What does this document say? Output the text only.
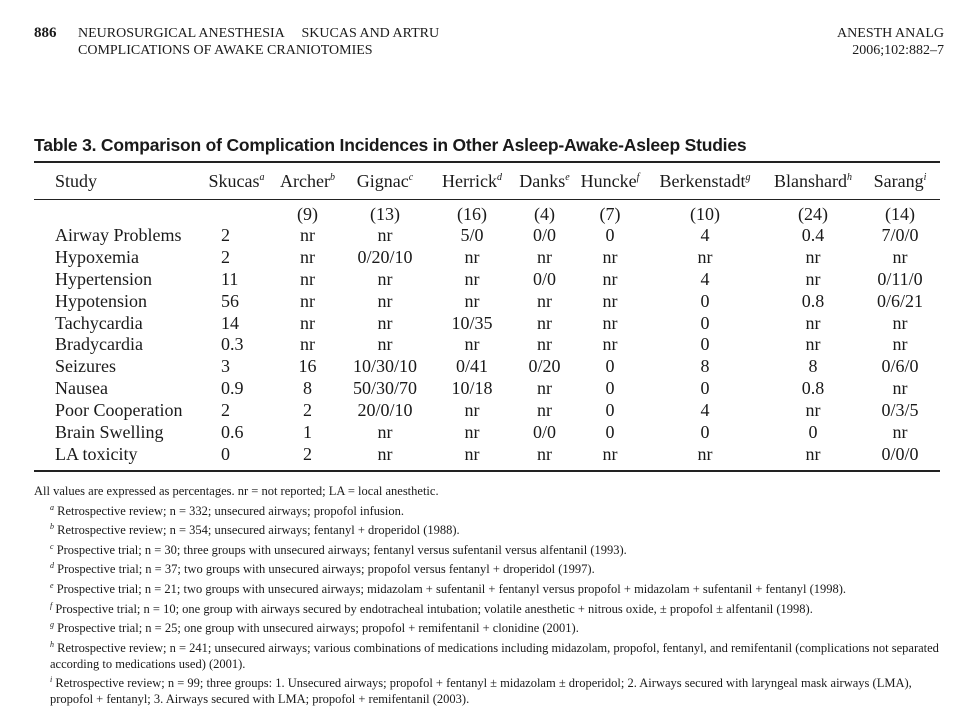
886 NEUROSURGICAL ANESTHESIA     SKUCAS AND ARTRU
COMPLICATIONS OF AWAKE CRANIOTOMIES
ANESTH ANALG
2006;102:882–7
Table 3. Comparison of Complication Incidences in Other Asleep-Awake-Asleep Studies
Study	Skucas$^a$	Archer$^b$	Gignac$^c$	Herrick$^d$	Danks$^e$	Huncke$^f$	Berkenstadt$^g$	Blanshard$^h$	Sarang$^i$
		(9)	(13)	(16)	(4)	(7)	(10)	(24)	(14)
Airway Problems	2	nr	nr	5/0	0/0	0	4	0.4	7/0/0
Hypoxemia	2	nr	0/20/10	nr	nr	nr	nr	nr	nr
Hypertension	11	nr	nr	nr	0/0	nr	4	nr	0/11/0
Hypotension	56	nr	nr	nr	nr	nr	0	0.8	0/6/21
Tachycardia	14	nr	nr	10/35	nr	nr	0	nr	nr
Bradycardia	0.3	nr	nr	nr	nr	nr	0	nr	nr
Seizures	3	16	10/30/10	0/41	0/20	0	8	8	0/6/0
Nausea	0.9	8	50/30/70	10/18	nr	0	0	0.8	nr
Poor Cooperation	2	2	20/0/10	nr	nr	0	4	nr	0/3/5
Brain Swelling	0.6	1	nr	nr	0/0	0	0	0	nr
LA toxicity	0	2	nr	nr	nr	nr	nr	nr	0/0/0
All values are expressed as percentages. nr = not reported; LA = local anesthetic.
$^a$ Retrospective review; n = 332; unsecured airways; propofol infusion.
$^b$ Retrospective review; n = 354; unsecured airways; fentanyl + droperidol (1988).
$^c$ Prospective trial; n = 30; three groups with unsecured airways; fentanyl versus sufentanil versus alfentanil (1993).
$^d$ Prospective trial; n = 37; two groups with unsecured airways; propofol versus fentanyl + droperidol (1997).
$^e$ Prospective trial; n = 21; two groups with unsecured airways; midazolam + sufentanil + fentanyl versus propofol + midazolam + sufentanil + fentanyl (1998).
$^f$ Prospective trial; n = 10; one group with airways secured by endotracheal intubation; volatile anesthetic + nitrous oxide, ± propofol ± alfentanil (1998).
$^g$ Prospective trial; n = 25; one group with unsecured airways; propofol + remifentanil + clonidine (2001).
$^h$ Retrospective review; n = 241; unsecured airways; various combinations of medications including midazolam, propofol, fentanyl, and remifentanil (complications not separated according to medications used) (2001).
$^i$ Retrospective review; n = 99; three groups: 1. Unsecured airways; propofol + fentanyl ± midazolam ± droperidol; 2. Airways secured with laryngeal mask airways (LMA), propofol + fentanyl; 3. Airways secured with LMA; propofol + remifentanil (2003).
